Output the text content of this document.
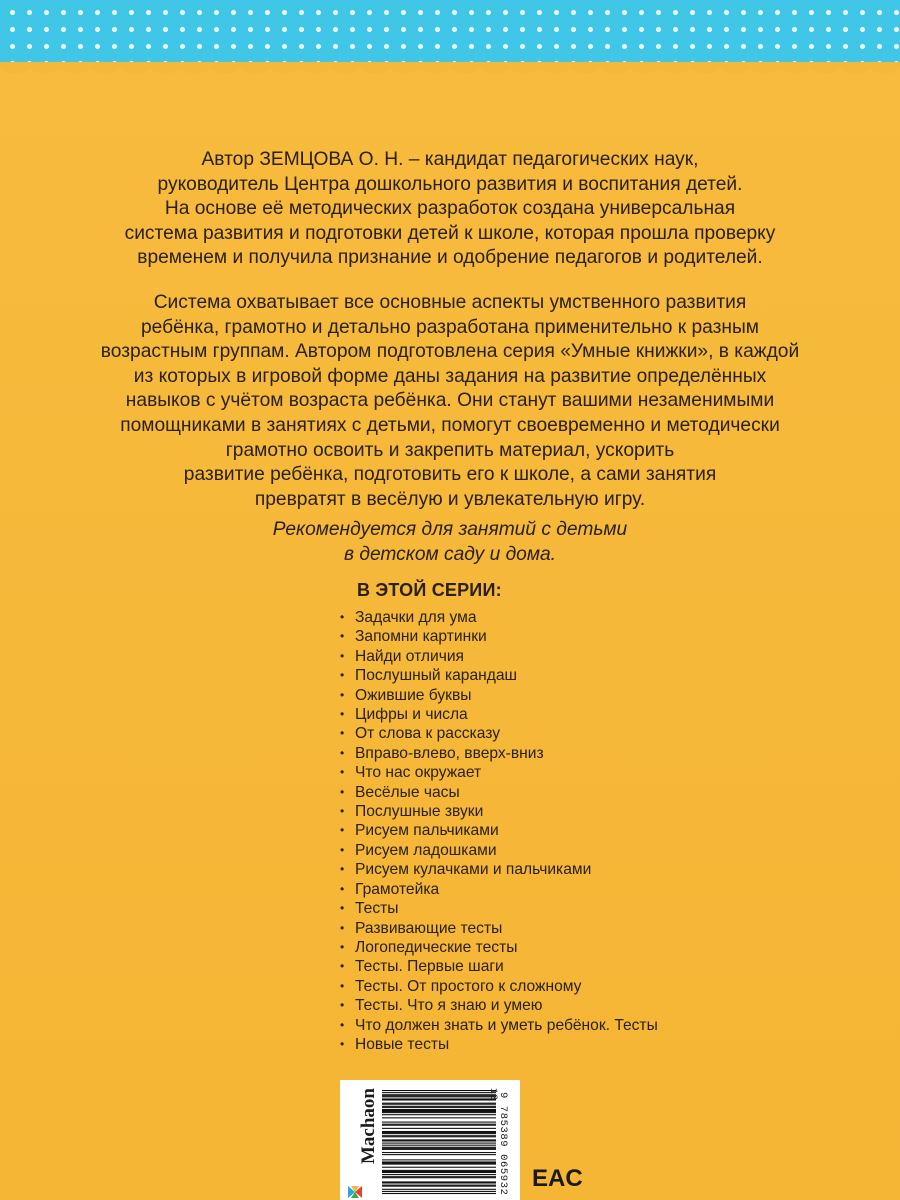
Автор ЗЕМЦОВА О. Н. – кандидат педагогических наук,
руководитель Центра дошкольного развития и воспитания детей.
На основе её методических разработок создана универсальная
система развития и подготовки детей к школе, которая прошла проверку
временем и получила признание и одобрение педагогов и родителей.
Система охватывает все основные аспекты умственного развития
ребёнка, грамотно и детально разработана применительно к разным
возрастным группам. Автором подготовлена серия «Умные книжки», в каждой
из которых в игровой форме даны задания на развитие определённых
навыков с учётом возраста ребёнка. Они станут вашими незаменимыми
помощниками в занятиях с детьми, помогут своевременно и методически
грамотно освоить и закрепить материал, ускорить
развитие ребёнка, подготовить его к школе, а сами занятия
превратят в весёлую и увлекательную игру.
Рекомендуется для занятий с детьми
в детском саду и дома.
В ЭТОЙ СЕРИИ:
• Задачки для ума
• Запомни картинки
• Найди отличия
• Послушный карандаш
• Ожившие буквы
• Цифры и числа
• От слова к рассказу
• Вправо-влево, вверх-вниз
• Что нас окружает
• Весёлые часы
• Послушные звуки
• Рисуем пальчиками
• Рисуем ладошками
• Рисуем кулачками и пальчиками
• Грамотейка
• Тесты
• Развивающие тесты
• Логопедические тесты
• Тесты. Первые шаги
• Тесты. От простого к сложному
• Тесты. Что я знаю и умею
• Что должен знать и уметь ребёнок. Тесты
• Новые тесты
Machaon	13 9 785389 065932 EAC
